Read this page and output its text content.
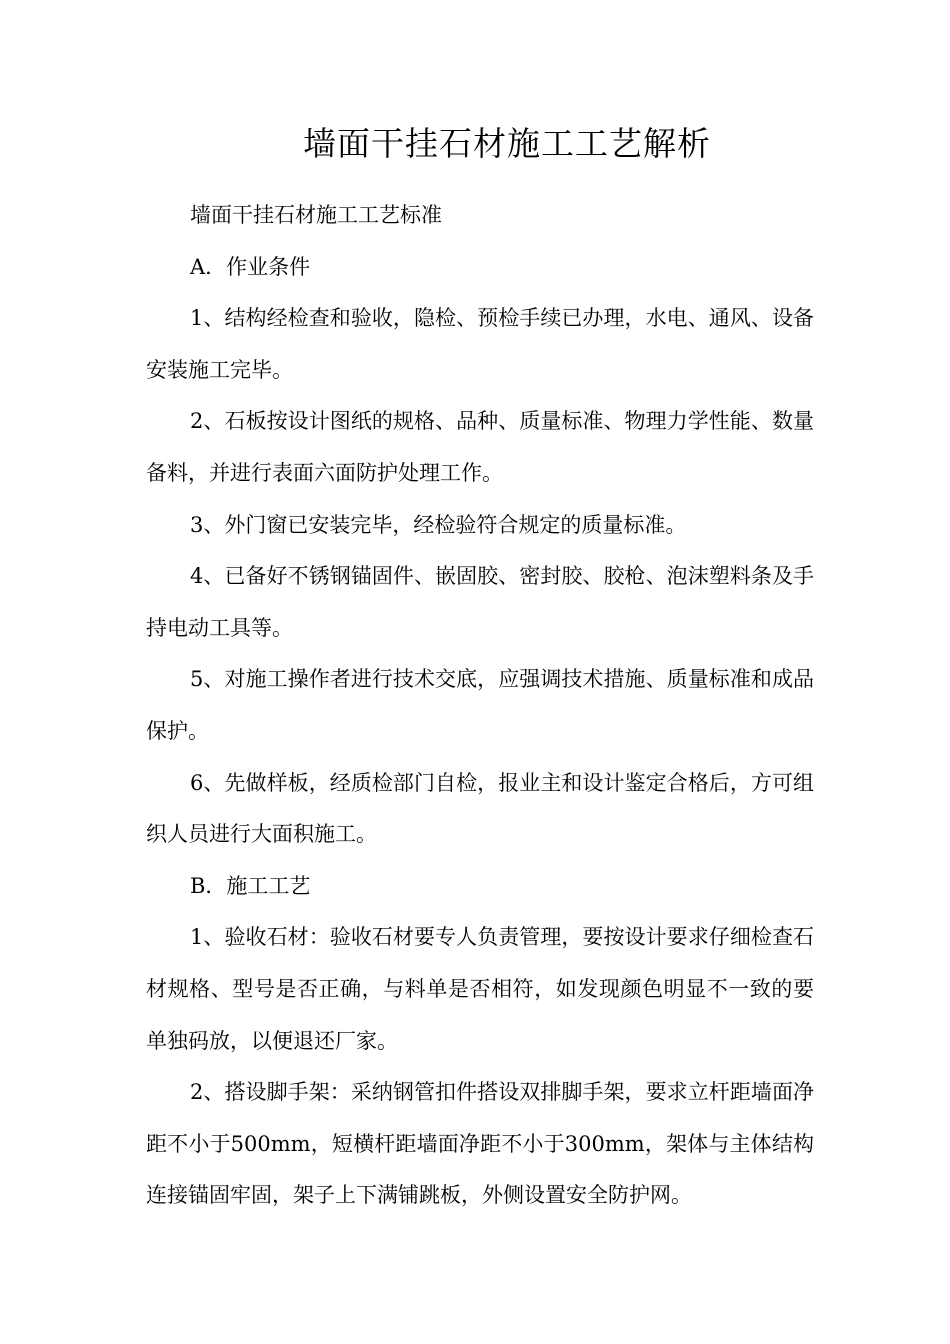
墙面干挂石材施工工艺解析

墙面干挂石材施工工艺标准

A．作业条件

1、结构经检查和验收，隐检、预检手续已办理，水电、通风、设备安装施工完毕。

2、石板按设计图纸的规格、品种、质量标准、物理力学性能、数量备料，并进行表面六面防护处理工作。

3、外门窗已安装完毕，经检验符合规定的质量标准。

4、已备好不锈钢锚固件、嵌固胶、密封胶、胶枪、泡沫塑料条及手持电动工具等。

5、对施工操作者进行技术交底，应强调技术措施、质量标准和成品保护。

6、先做样板，经质检部门自检，报业主和设计鉴定合格后，方可组织人员进行大面积施工。

B．施工工艺

1、验收石材：验收石材要专人负责管理，要按设计要求仔细检查石材规格、型号是否正确，与料单是否相符，如发现颜色明显不一致的要单独码放，以便退还厂家。

2、搭设脚手架：采纳钢管扣件搭设双排脚手架，要求立杆距墙面净距不小于500mm，短横杆距墙面净距不小于300mm，架体与主体结构连接锚固牢固，架子上下满铺跳板，外侧设置安全防护网。
